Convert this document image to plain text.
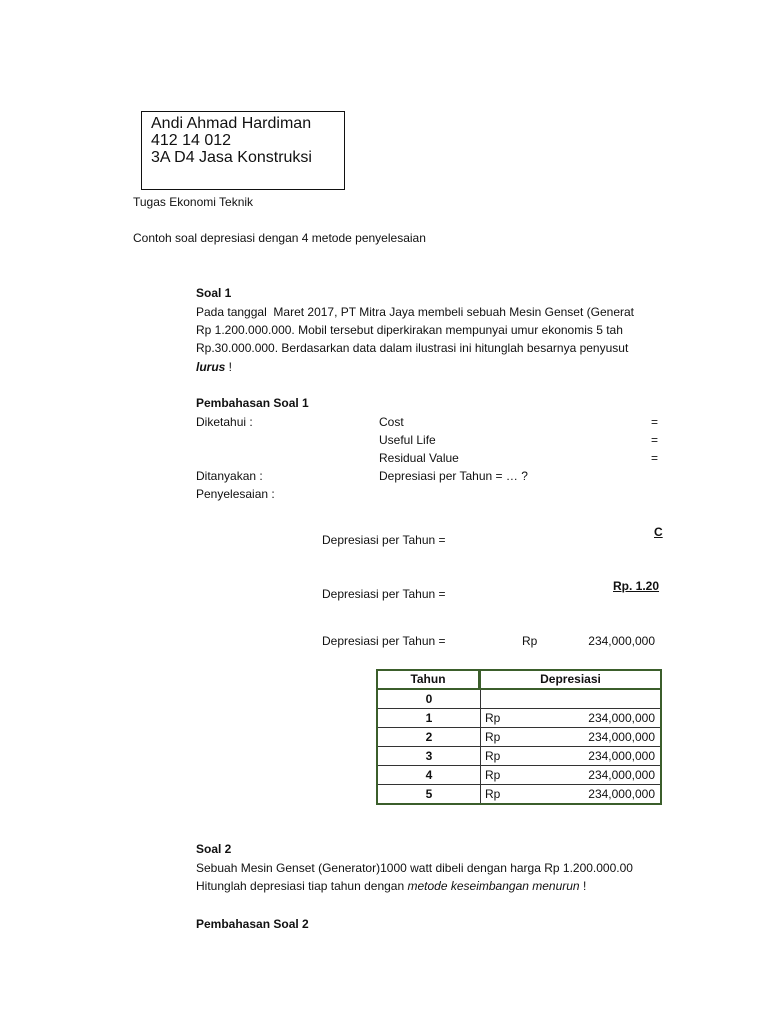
Andi Ahmad Hardiman
412 14 012
3A D4 Jasa Konstruksi
Tugas Ekonomi Teknik
Contoh soal depresiasi dengan 4 metode penyelesaian
Soal 1
Pada tanggal  Maret 2017, PT Mitra Jaya membeli sebuah Mesin Genset (Generat
Rp 1.200.000.000. Mobil tersebut diperkirakan mempunyai umur ekonomis 5 tah
Rp.30.000.000. Berdasarkan data dalam ilustrasi ini hitunglah besarnya penyusut
lurus !
Pembahasan Soal 1
Diketahui :	Cost	=
Useful Life	=
Residual Value	=
Ditanyakan :	Depresiasi per Tahun = … ?
Penyelesaian :
Depresiasi per Tahun =
C
Depresiasi per Tahun =
Rp. 1.20
Depresiasi per Tahun =	Rp	234,000,000
Tahun	Depresiasi
0
1	Rp	234,000,000
2	Rp	234,000,000
3	Rp	234,000,000
4	Rp	234,000,000
5	Rp	234,000,000
Soal 2
Sebuah Mesin Genset (Generator)1000 watt dibeli dengan harga Rp 1.200.000.00
Hitunglah depresiasi tiap tahun dengan metode keseimbangan menurun !
Pembahasan Soal 2
